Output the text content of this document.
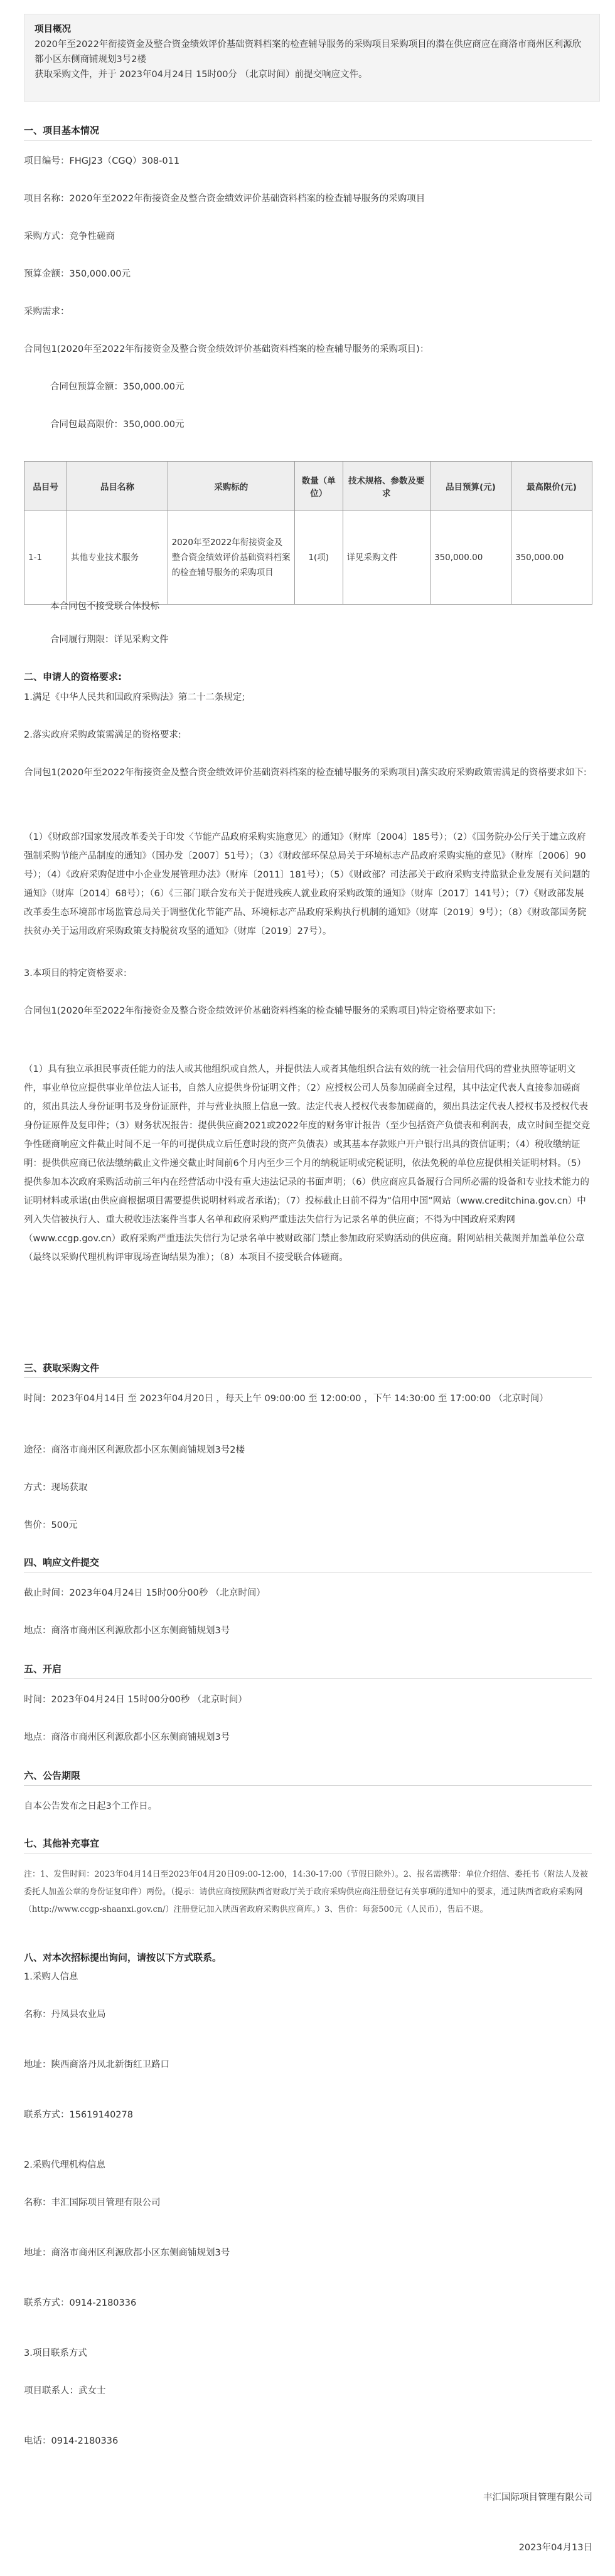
项目概况
2020年至2022年衔接资金及整合资金绩效评价基础资料档案的检查辅导服务的采购项目采购项目的潜在供应商应在商洛市商州区利源欣都小区东侧商铺规划3号2楼
获取采购文件，并于 2023年04月24日 15时00分 （北京时间）前提交响应文件。
一、项目基本情况
项目编号：FHGJ23（CGQ）308-011
项目名称：2020年至2022年衔接资金及整合资金绩效评价基础资料档案的检查辅导服务的采购项目
采购方式：竞争性磋商
预算金额：350,000.00元
采购需求：
合同包1(2020年至2022年衔接资金及整合资金绩效评价基础资料档案的检查辅导服务的采购项目)：
合同包预算金额：350,000.00元
合同包最高限价：350,000.00元
品目号	品目名称	采购标的	数量（单位）	技术规格、参数及要求	品目预算(元)	最高限价(元)
1-1	其他专业技术服务	2020年至2022年衔接资金及整合资金绩效评价基础资料档案的检查辅导服务的采购项目	1(项)	详见采购文件	350,000.00	350,000.00
本合同包不接受联合体投标
合同履行期限：详见采购文件
二、申请人的资格要求:
1.满足《中华人民共和国政府采购法》第二十二条规定;
2.落实政府采购政策需满足的资格要求:
合同包1(2020年至2022年衔接资金及整合资金绩效评价基础资料档案的检查辅导服务的采购项目)落实政府采购政策需满足的资格要求如下:
（1）《财政部?国家发展改革委关于印发〈节能产品政府采购实施意见〉的通知》（财库〔2004〕185号）；（2）《国务院办公厅关于建立政府强制采购节能产品制度的通知》（国办发〔2007〕51号）；（3）《财政部环保总局关于环境标志产品政府采购实施的意见》（财库〔2006〕90号）；（4）《政府采购促进中小企业发展管理办法》（财库〔2011〕181号）；（5）《财政部？司法部关于政府采购支持监狱企业发展有关问题的通知》（财库〔2014〕68号）；（6）《三部门联合发布关于促进残疾人就业政府采购政策的通知》（财库〔2017〕141号）；（7）《财政部发展改革委生态环境部市场监管总局关于调整优化节能产品、环境标志产品政府采购执行机制的通知》（财库〔2019〕9号）；（8）《财政部国务院扶贫办关于运用政府采购政策支持脱贫攻坚的通知》（财库〔2019〕27号）。
3.本项目的特定资格要求:
合同包1(2020年至2022年衔接资金及整合资金绩效评价基础资料档案的检查辅导服务的采购项目)特定资格要求如下:
（1）具有独立承担民事责任能力的法人或其他组织或自然人，并提供法人或者其他组织合法有效的统一社会信用代码的营业执照等证明文件，事业单位应提供事业单位法人证书，自然人应提供身份证明文件；（2）应授权公司人员参加磋商全过程，其中法定代表人直接参加磋商的，须出具法人身份证明书及身份证原件，并与营业执照上信息一致。法定代表人授权代表参加磋商的，须出具法定代表人授权书及授权代表身份证原件及复印件；（3）财务状况报告：提供供应商2021或2022年度的财务审计报告（至少包括资产负债表和利润表，成立时间至提交竞争性磋商响应文件截止时间不足一年的可提供成立后任意时段的资产负债表）或其基本存款账户开户银行出具的资信证明；（4）税收缴纳证明：提供供应商已依法缴纳截止文件递交截止时间前6个月内至少三个月的纳税证明或完税证明，依法免税的单位应提供相关证明材料。（5）提供参加本次政府采购活动前三年内在经营活动中没有重大违法记录的书面声明；（6）供应商应具备履行合同所必需的设备和专业技术能力的证明材料或承诺(由供应商根据项目需要提供说明材料或者承诺)；（7）投标截止日前不得为“信用中国”网站（www.creditchina.gov.cn）中列入失信被执行人、重大税收违法案件当事人名单和政府采购严重违法失信行为记录名单的供应商；不得为中国政府采购网（www.ccgp.gov.cn）政府采购严重违法失信行为记录名单中被财政部门禁止参加政府采购活动的供应商。附网站相关截图并加盖单位公章（最终以采购代理机构评审现场查询结果为准）；（8）本项目不接受联合体磋商。
三、获取采购文件
时间：2023年04月14日 至 2023年04月20日 ，每天上午 09:00:00 至 12:00:00 ，下午 14:30:00 至 17:00:00 （北京时间）
途径：商洛市商州区利源欣都小区东侧商铺规划3号2楼
方式：现场获取
售价：500元
四、响应文件提交
截止时间：2023年04月24日 15时00分00秒 （北京时间）
地点：商洛市商州区利源欣都小区东侧商铺规划3号
五、开启
时间：2023年04月24日 15时00分00秒 （北京时间）
地点：商洛市商州区利源欣都小区东侧商铺规划3号
六、公告期限
自本公告发布之日起3个工作日。
七、其他补充事宜
注：1、发售时间：2023年04月14日至2023年04月20日09:00-12:00，14:30-17:00（节假日除外）。2、报名需携带：单位介绍信、委托书（附法人及被委托人加盖公章的身份证复印件）两份。（提示：请供应商按照陕西省财政厅关于政府采购供应商注册登记有关事项的通知中的要求，通过陕西省政府采购网（http://www.ccgp-shaanxi.gov.cn/）注册登记加入陕西省政府采购供应商库。）3、售价：每套500元（人民币），售后不退。
八、对本次招标提出询问，请按以下方式联系。
1.采购人信息
名称：丹凤县农业局
地址：陕西商洛丹凤北新街红卫路口
联系方式：15619140278
2.采购代理机构信息
名称：丰汇国际项目管理有限公司
地址：商洛市商州区利源欣都小区东侧商铺规划3号
联系方式：0914-2180336
3.项目联系方式
项目联系人：武女士
电话：0914-2180336
丰汇国际项目管理有限公司
2023年04月13日
